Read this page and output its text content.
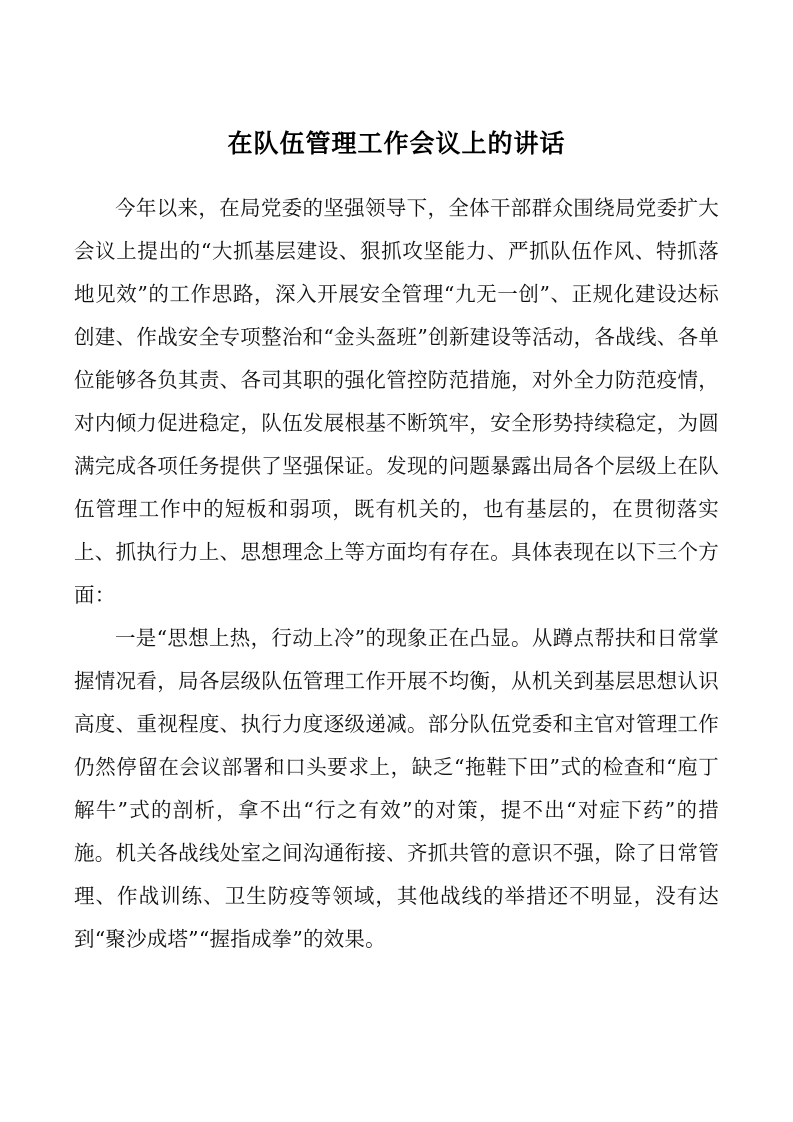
在队伍管理工作会议上的讲话

今年以来，在局党委的坚强领导下，全体干部群众围绕局党委扩大会议上提出的“大抓基层建设、狠抓攻坚能力、严抓队伍作风、特抓落地见效”的工作思路，深入开展安全管理“九无一创”、正规化建设达标创建、作战安全专项整治和“金头盔班”创新建设等活动，各战线、各单位能够各负其责、各司其职的强化管控防范措施，对外全力防范疫情，对内倾力促进稳定，队伍发展根基不断筑牢，安全形势持续稳定，为圆满完成各项任务提供了坚强保证。发现的问题暴露出局各个层级上在队伍管理工作中的短板和弱项，既有机关的，也有基层的，在贯彻落实上、抓执行力上、思想理念上等方面均有存在。具体表现在以下三个方面：

一是“思想上热，行动上冷”的现象正在凸显。从蹲点帮扶和日常掌握情况看，局各层级队伍管理工作开展不均衡，从机关到基层思想认识高度、重视程度、执行力度逐级递减。部分队伍党委和主官对管理工作仍然停留在会议部署和口头要求上，缺乏“拖鞋下田”式的检查和“庖丁解牛”式的剖析，拿不出“行之有效”的对策，提不出“对症下药”的措施。机关各战线处室之间沟通衔接、齐抓共管的意识不强，除了日常管理、作战训练、卫生防疫等领域，其他战线的举措还不明显，没有达到“聚沙成塔”“握指成拳”的效果。
